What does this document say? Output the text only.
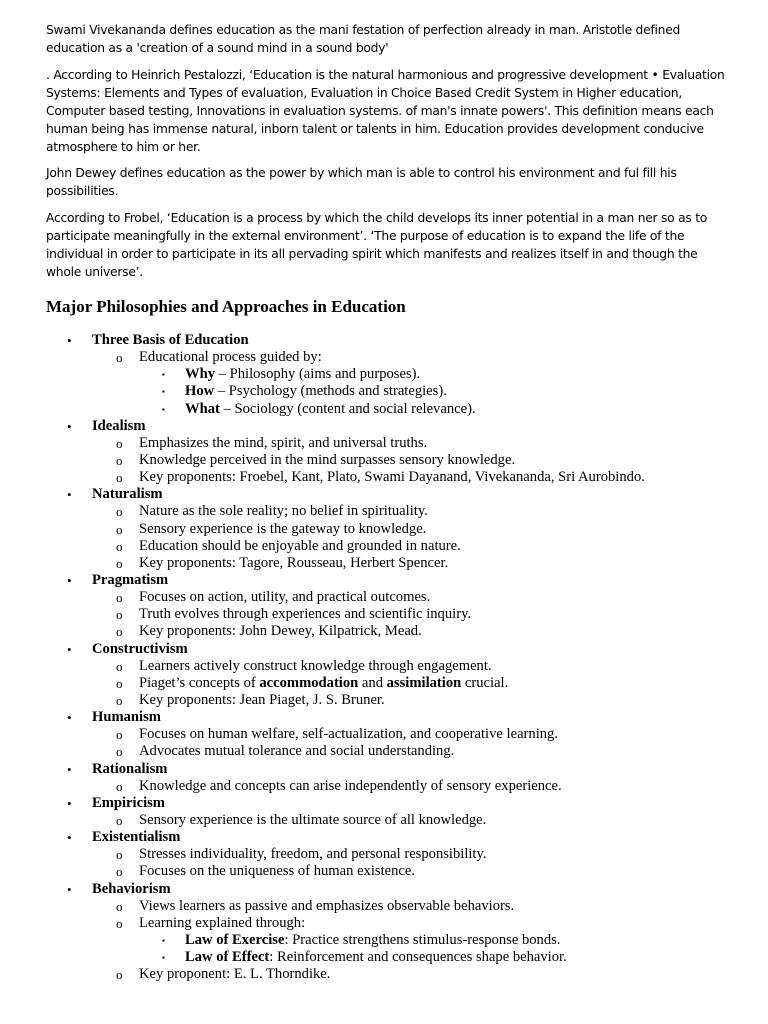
Swami Vivekananda defines education as the mani festation of perfection already in man. Aristotle defined education as a 'creation of a sound mind in a sound body'

. According to Heinrich Pestalozzi, ‘Education is the natural harmonious and progressive development • Evaluation Systems: Elements and Types of evaluation, Evaluation in Choice Based Credit System in Higher education, Computer based testing, Innovations in evaluation systems. of man's innate powers'. This definition means each human being has immense natural, inborn talent or talents in him. Education provides development conducive atmosphere to him or her.

John Dewey defines education as the power by which man is able to control his environment and ful fill his possibilities.

According to Frobel, ‘Education is a process by which the child develops its inner potential in a man ner so as to participate meaningfully in the external environment’. ‘The purpose of education is to expand the life of the individual in order to participate in its all pervading spirit which manifests and realizes itself in and though the whole universe’.

Major Philosophies and Approaches in Education
• Three Basis of Education
o Educational process guided by:
▪ Why – Philosophy (aims and purposes).
▪ How – Psychology (methods and strategies).
▪ What – Sociology (content and social relevance).
• Idealism
o Emphasizes the mind, spirit, and universal truths.
o Knowledge perceived in the mind surpasses sensory knowledge.
o Key proponents: Froebel, Kant, Plato, Swami Dayanand, Vivekananda, Sri Aurobindo.
• Naturalism
o Nature as the sole reality; no belief in spirituality.
o Sensory experience is the gateway to knowledge.
o Education should be enjoyable and grounded in nature.
o Key proponents: Tagore, Rousseau, Herbert Spencer.
• Pragmatism
o Focuses on action, utility, and practical outcomes.
o Truth evolves through experiences and scientific inquiry.
o Key proponents: John Dewey, Kilpatrick, Mead.
• Constructivism
o Learners actively construct knowledge through engagement.
o Piaget’s concepts of accommodation and assimilation crucial.
o Key proponents: Jean Piaget, J. S. Bruner.
• Humanism
o Focuses on human welfare, self-actualization, and cooperative learning.
o Advocates mutual tolerance and social understanding.
• Rationalism
o Knowledge and concepts can arise independently of sensory experience.
• Empiricism
o Sensory experience is the ultimate source of all knowledge.
• Existentialism
o Stresses individuality, freedom, and personal responsibility.
o Focuses on the uniqueness of human existence.
• Behaviorism
o Views learners as passive and emphasizes observable behaviors.
o Learning explained through:
▪ Law of Exercise: Practice strengthens stimulus-response bonds.
▪ Law of Effect: Reinforcement and consequences shape behavior.
o Key proponent: E. L. Thorndike.
